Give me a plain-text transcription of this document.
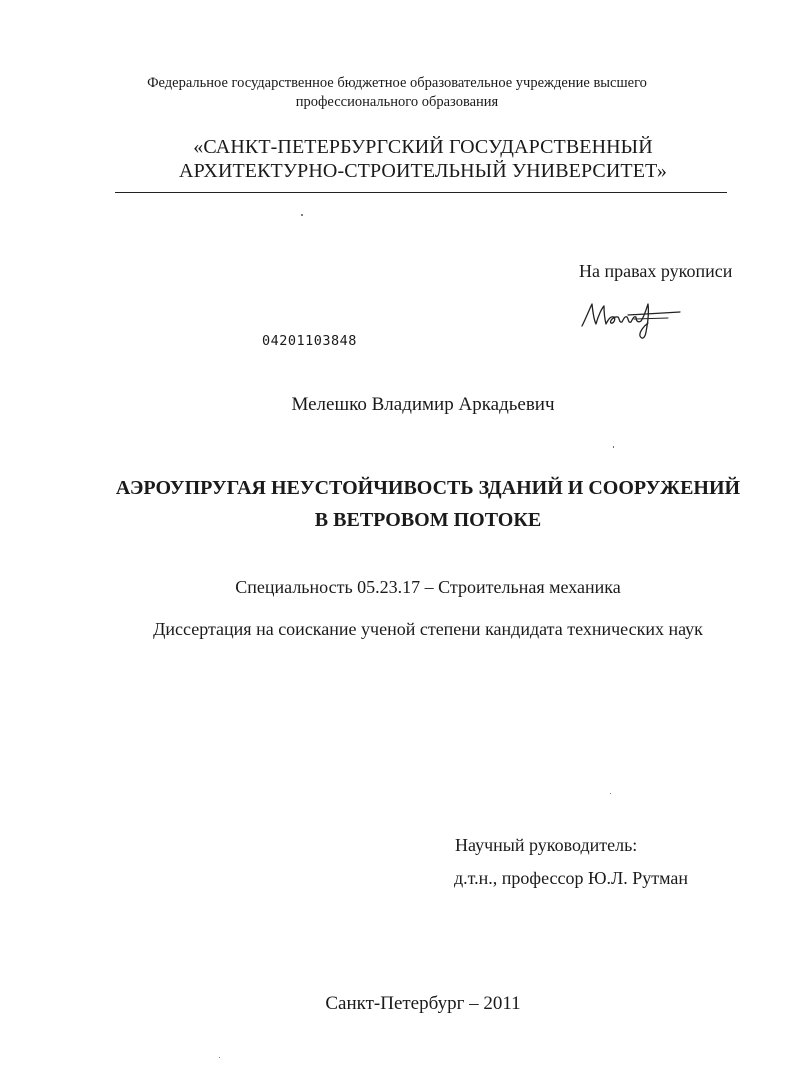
Федеральное государственное бюджетное образовательное учреждение высшего
профессионального образования
«САНКТ-ПЕТЕРБУРГСКИЙ ГОСУДАРСТВЕННЫЙ
АРХИТЕКТУРНО-СТРОИТЕЛЬНЫЙ УНИВЕРСИТЕТ»
На правах рукописи
04201103848
Мелешко Владимир Аркадьевич
АЭРОУПРУГАЯ НЕУСТОЙЧИВОСТЬ ЗДАНИЙ И СООРУЖЕНИЙ
В ВЕТРОВОМ ПОТОКЕ
Специальность 05.23.17 – Строительная механика
Диссертация на соискание ученой степени кандидата технических наук
Научный руководитель:
д.т.н., профессор Ю.Л. Рутман
Санкт-Петербург – 2011
